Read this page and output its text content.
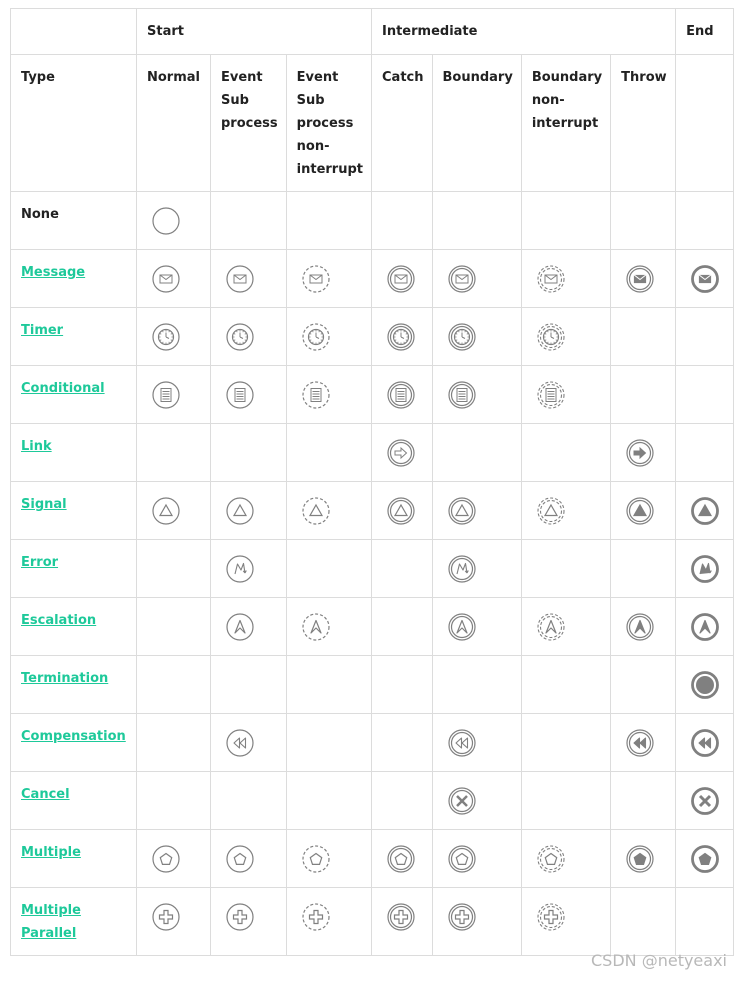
	Start			Intermediate				End
Type	Normal	Event
Sub
process	Event
Sub
process
non-
interrupt	Catch	Boundary	Boundary
non-
interrupt	Throw	
None	

Message	

Timer	

Conditional	

Link				

Signal	

Error		

Escalation		

Termination								

Compensation		

Cancel					

Multiple	

Multiple
Parallel	

CSDN @netyeaxi
